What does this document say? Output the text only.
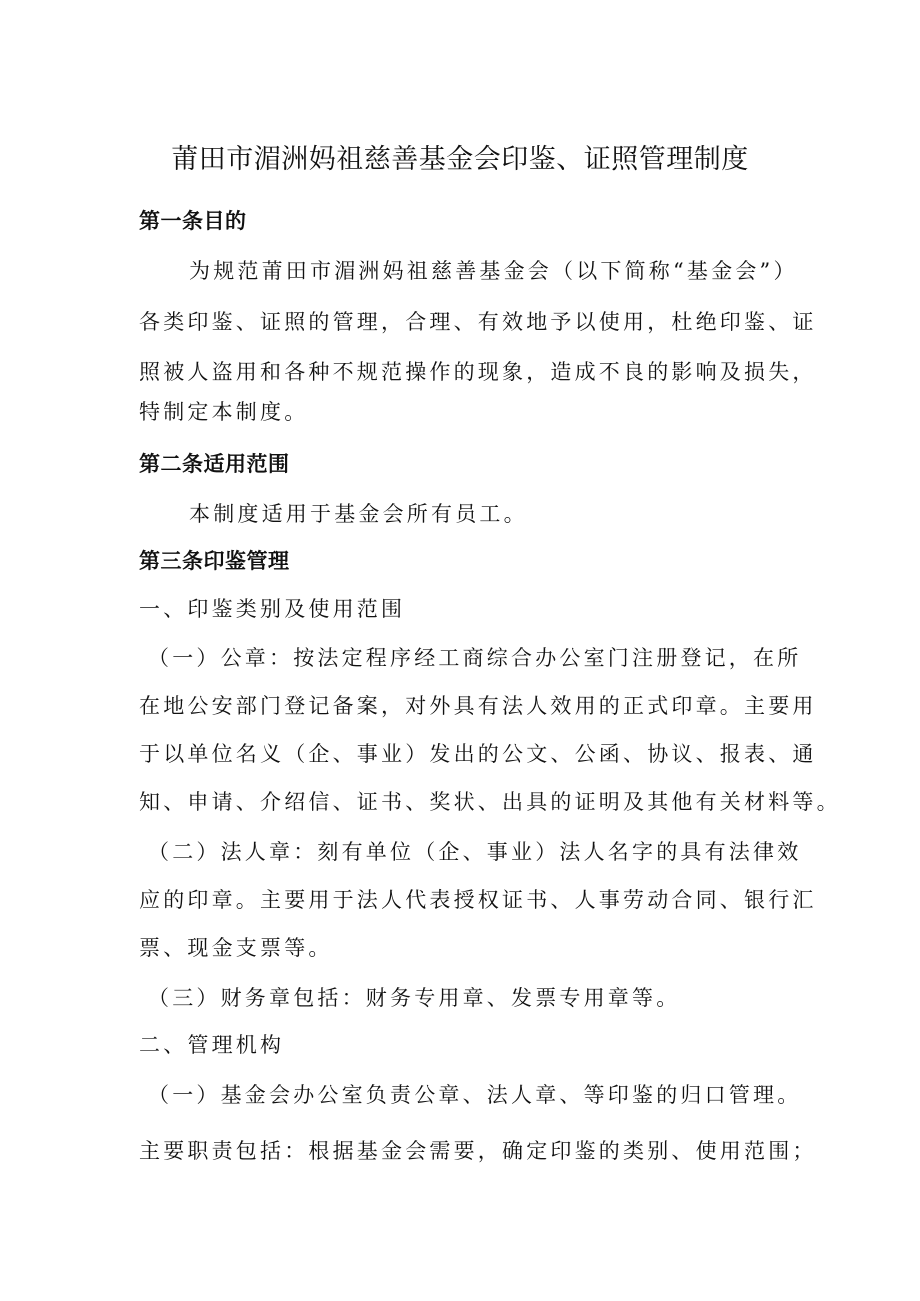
莆田市湄洲妈祖慈善基金会印鉴、证照管理制度
第一条目的
为规范莆田市湄洲妈祖慈善基金会（以下简称“基金会”）
各类印鉴、证照的管理，合理、有效地予以使用，杜绝印鉴、证
照被人盗用和各种不规范操作的现象，造成不良的影响及损失，
特制定本制度。
第二条适用范围
本制度适用于基金会所有员工。
第三条印鉴管理
一、印鉴类别及使用范围
（一）公章：按法定程序经工商综合办公室门注册登记，在所
在地公安部门登记备案，对外具有法人效用的正式印章。主要用
于以单位名义（企、事业）发出的公文、公函、协议、报表、通
知、申请、介绍信、证书、奖状、出具的证明及其他有关材料等。
（二）法人章：刻有单位（企、事业）法人名字的具有法律效
应的印章。主要用于法人代表授权证书、人事劳动合同、银行汇
票、现金支票等。
（三）财务章包括：财务专用章、发票专用章等。
二、管理机构
（一）基金会办公室负责公章、法人章、等印鉴的归口管理。
主要职责包括：根据基金会需要，确定印鉴的类别、使用范围；
